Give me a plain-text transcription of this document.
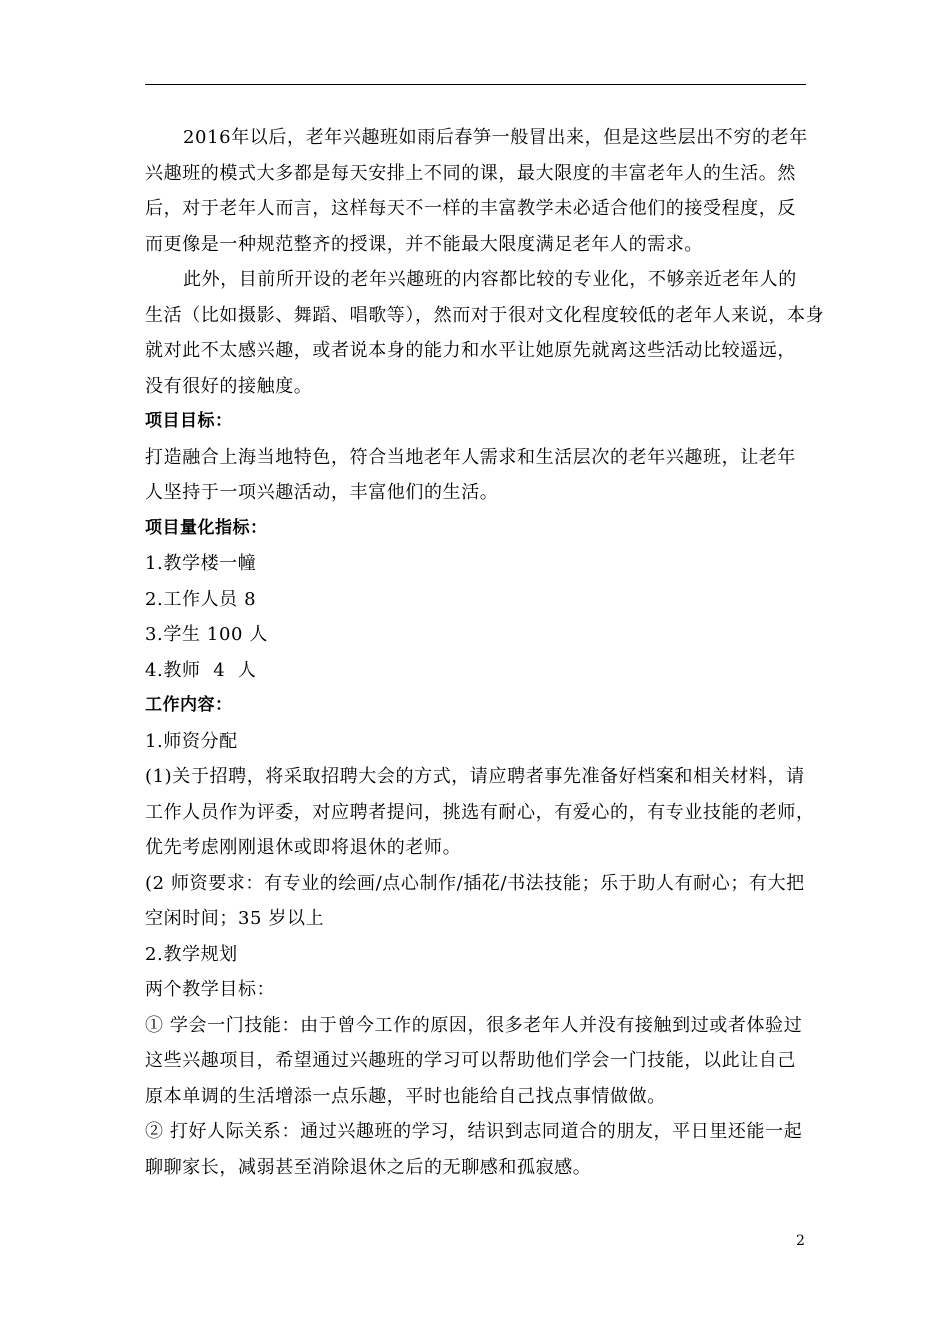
2016年以后，老年兴趣班如雨后春笋一般冒出来，但是这些层出不穷的老年
兴趣班的模式大多都是每天安排上不同的课，最大限度的丰富老年人的生活。然
后，对于老年人而言，这样每天不一样的丰富教学未必适合他们的接受程度，反
而更像是一种规范整齐的授课，并不能最大限度满足老年人的需求。
此外，目前所开设的老年兴趣班的内容都比较的专业化，不够亲近老年人的
生活（比如摄影、舞蹈、唱歌等），然而对于很对文化程度较低的老年人来说，本身
就对此不太感兴趣，或者说本身的能力和水平让她原先就离这些活动比较遥远，
没有很好的接触度。
项目目标：
打造融合上海当地特色，符合当地老年人需求和生活层次的老年兴趣班，让老年
人坚持于一项兴趣活动，丰富他们的生活。
项目量化指标：
1.教学楼一幢
2.工作人员 8
3.学生 100 人
4.教师  4  人
工作内容：
1.师资分配
(1)关于招聘，将采取招聘大会的方式，请应聘者事先准备好档案和相关材料，请
工作人员作为评委，对应聘者提问，挑选有耐心，有爱心的，有专业技能的老师，
优先考虑刚刚退休或即将退休的老师。
(2 师资要求：有专业的绘画/点心制作/插花/书法技能；乐于助人有耐心；有大把
空闲时间；35 岁以上
2.教学规划
两个教学目标：
① 学会一门技能：由于曾今工作的原因，很多老年人并没有接触到过或者体验过
这些兴趣项目，希望通过兴趣班的学习可以帮助他们学会一门技能，以此让自己
原本单调的生活增添一点乐趣，平时也能给自己找点事情做做。
② 打好人际关系：通过兴趣班的学习，结识到志同道合的朋友，平日里还能一起
聊聊家长，减弱甚至消除退休之后的无聊感和孤寂感。
2
